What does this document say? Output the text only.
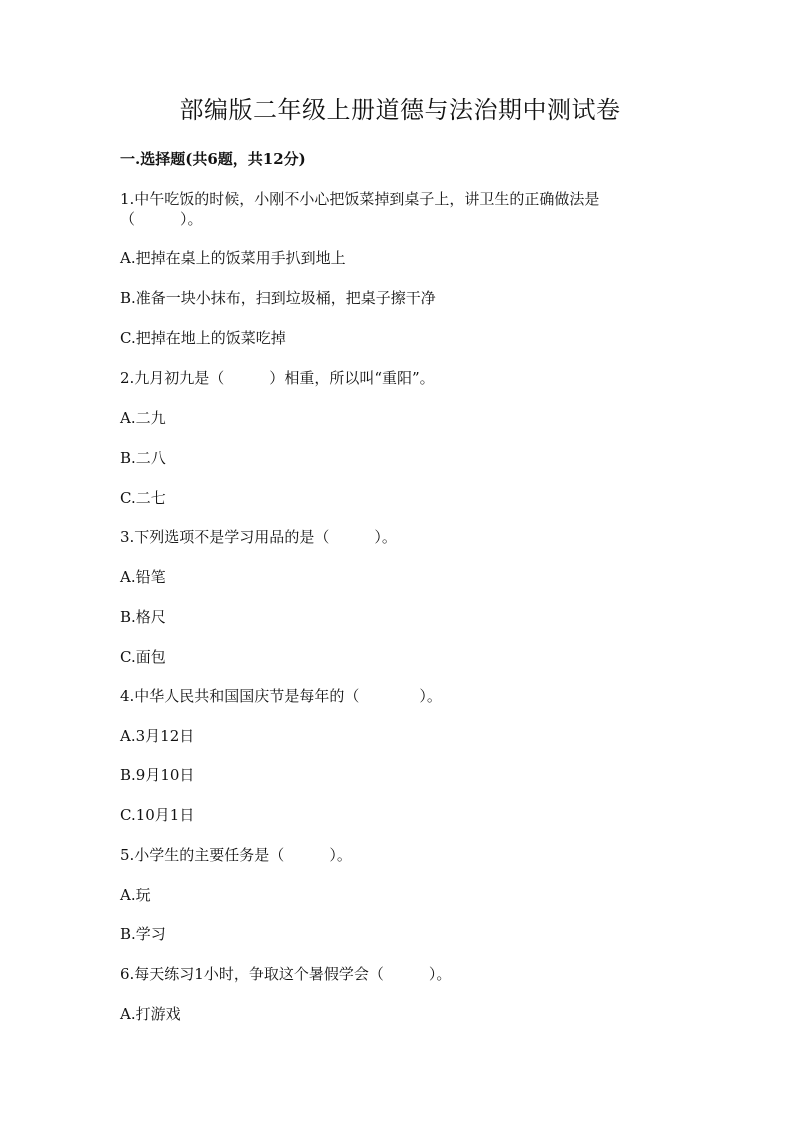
部编版二年级上册道德与法治期中测试卷
一.选择题(共6题，共12分)
1.中午吃饭的时候，小刚不小心把饭菜掉到桌子上，讲卫生的正确做法是
（　　　）。
A.把掉在桌上的饭菜用手扒到地上
B.准备一块小抹布，扫到垃圾桶，把桌子擦干净
C.把掉在地上的饭菜吃掉
2.九月初九是（　　　）相重，所以叫“重阳”。
A.二九
B.二八
C.二七
3.下列选项不是学习用品的是（　　　）。
A.铅笔
B.格尺
C.面包
4.中华人民共和国国庆节是每年的（　　　　）。
A.3月12日
B.9月10日
C.10月1日
5.小学生的主要任务是（　　　）。
A.玩
B.学习
6.每天练习1小时，争取这个暑假学会（　　　）。
A.打游戏
